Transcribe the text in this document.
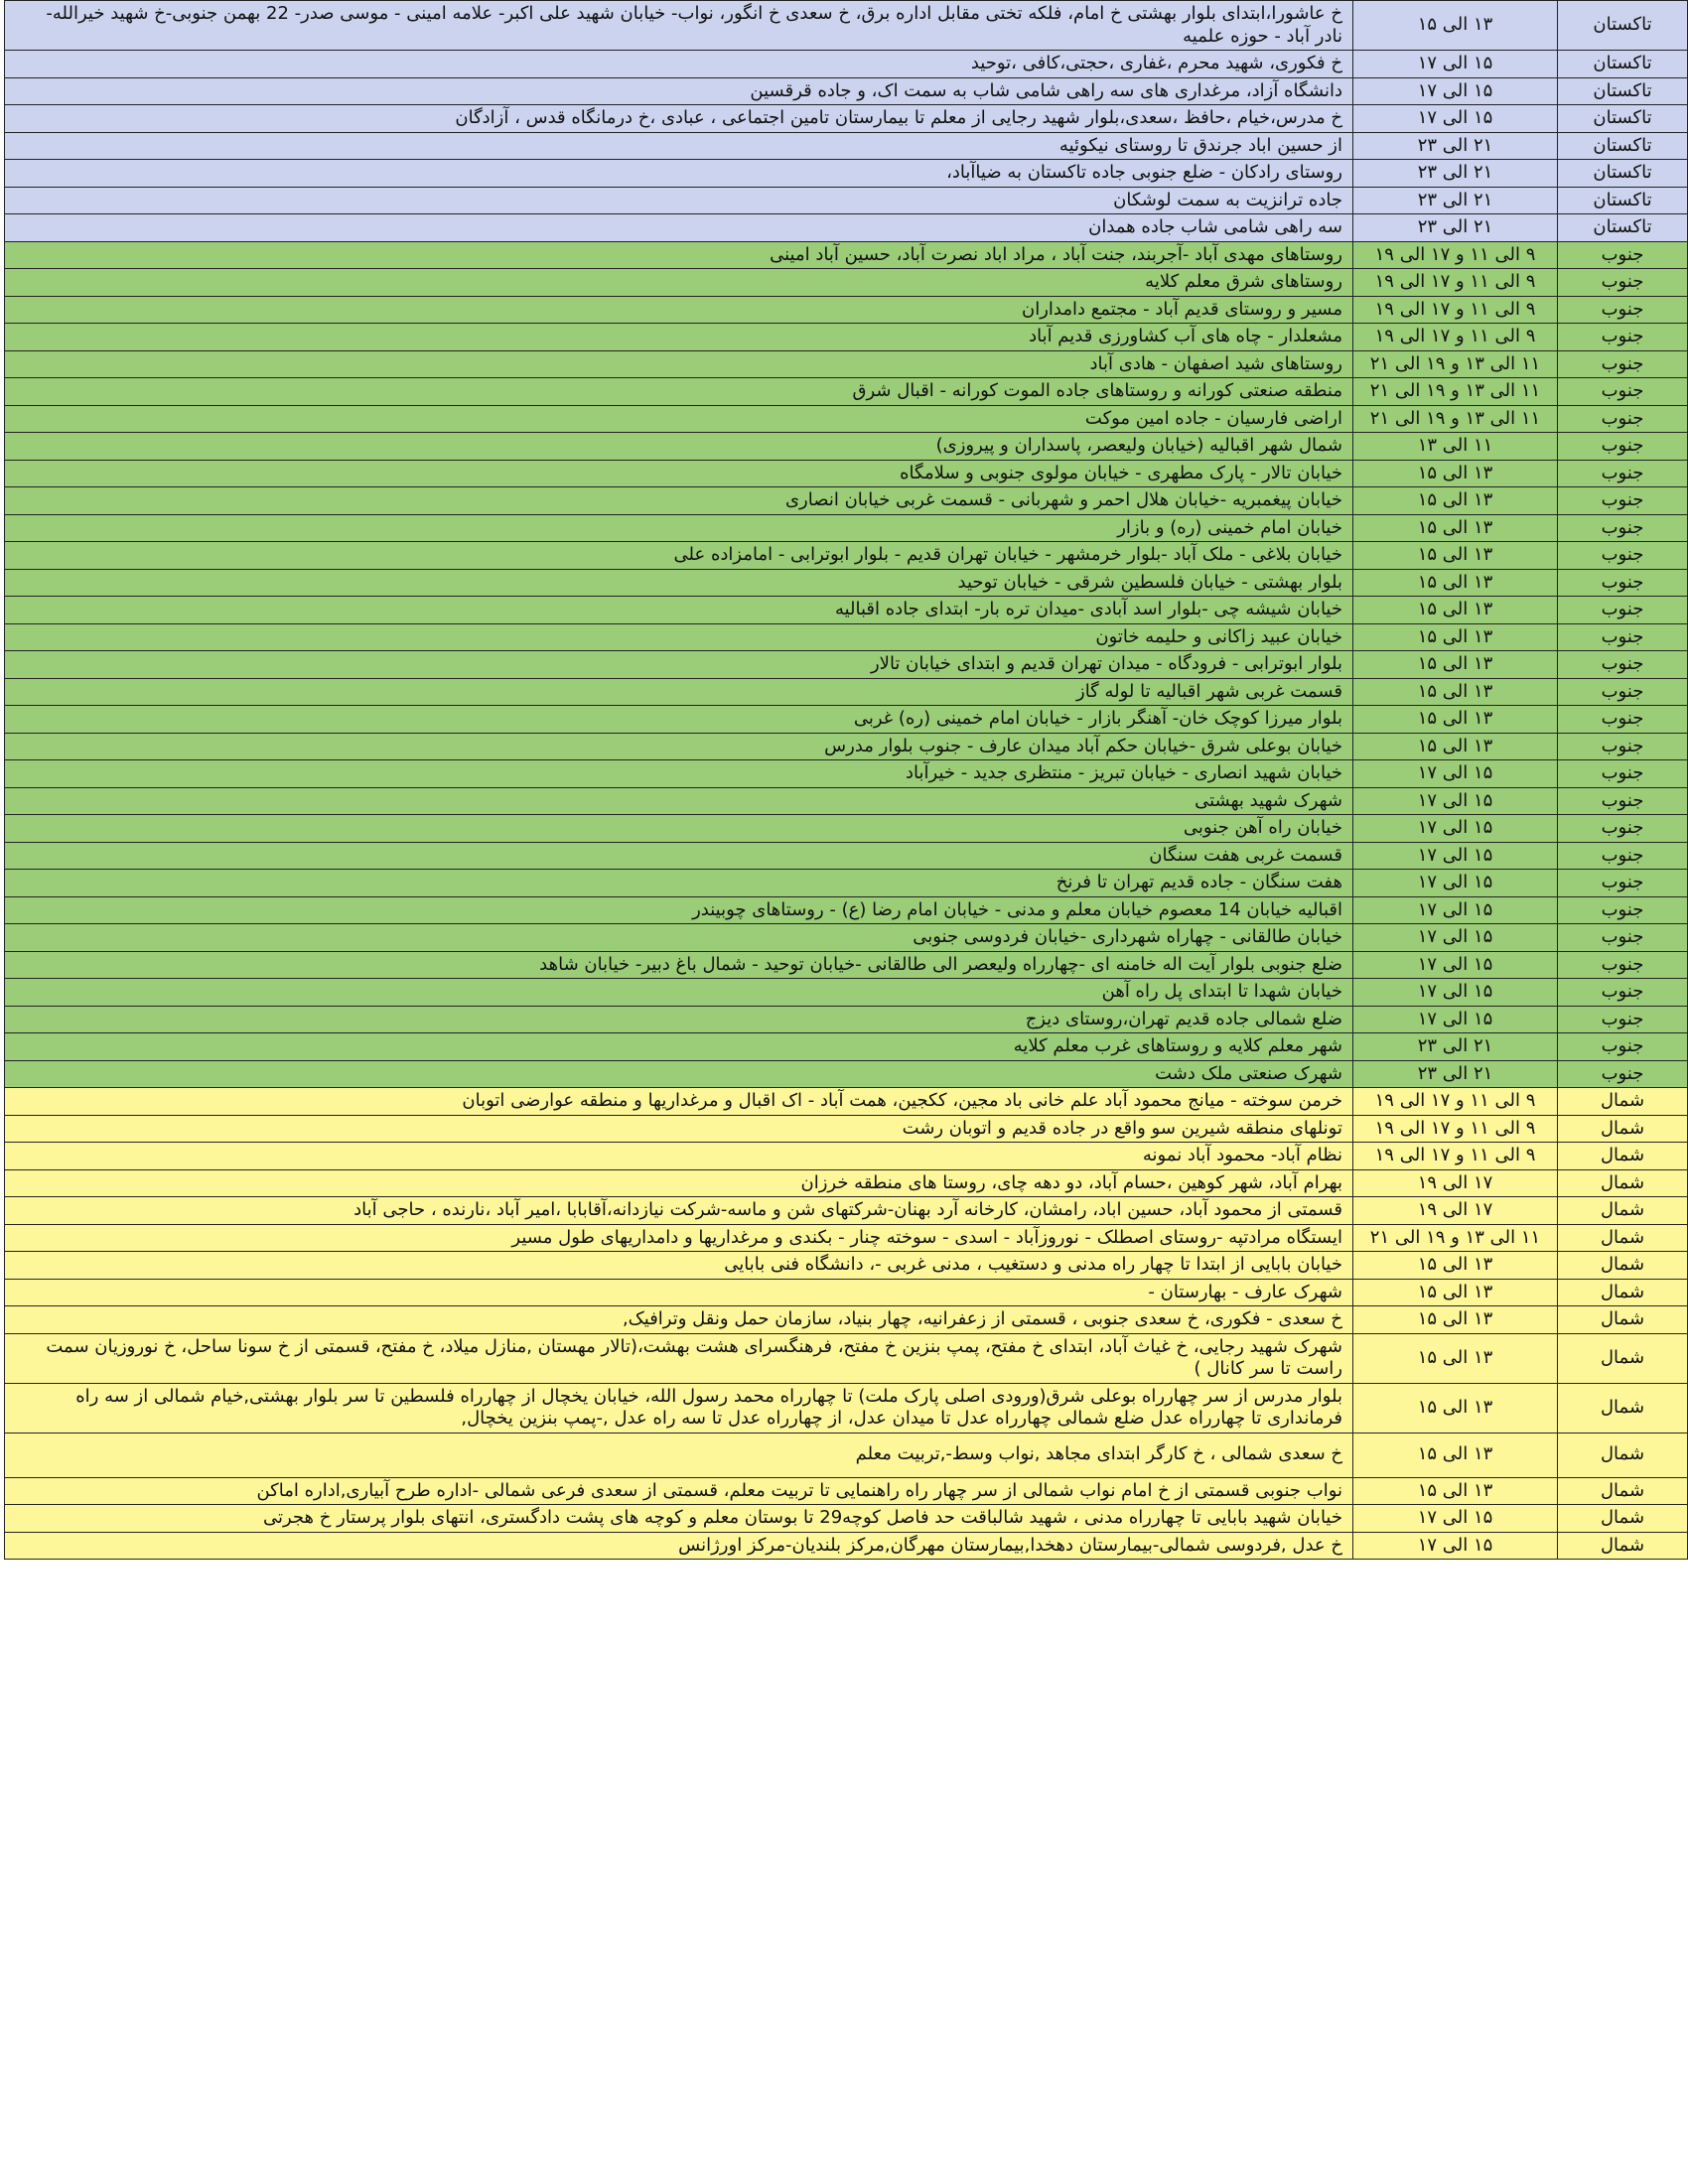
تاکستان	۱۳ الی ۱۵	خ عاشورا،ابتدای بلوار بهشتی خ امام، فلکه تختی مقابل اداره برق، خ سعدی خ انگور، نواب- خیابان شهید علی اکبر- علامه امینی - موسی صدر- 22 بهمن جنوبی-خ شهید خیرالله- نادر آباد - حوزه علمیه
تاکستان	۱۵ الی ۱۷	خ فکوری، شهید محرم ،غفاری ،حجتی،کافی ،توحید
تاکستان	۱۵ الی ۱۷	دانشگاه آزاد، مرغداری های سه راهی شامی شاب به سمت اک، و جاده قرقسین
تاکستان	۱۵ الی ۱۷	خ مدرس،خیام ،حافظ ،سعدی،بلوار شهید رجایی از معلم تا بیمارستان تامین اجتماعی ، عبادی ،خ درمانگاه قدس ، آزادگان
تاکستان	۲۱ الی ۲۳	از حسین اباد جرندق تا روستای نیکوئیه
تاکستان	۲۱ الی ۲۳	روستای رادکان - ضلع جنوبی جاده تاکستان به ضیاآباد،
تاکستان	۲۱ الی ۲۳	جاده ترانزیت به سمت لوشکان
تاکستان	۲۱ الی ۲۳	سه راهی شامی شاب جاده همدان
جنوب	۹ الی ۱۱ و ۱۷ الی ۱۹	روستاهای مهدی آباد -آجربند، جنت آباد ، مراد اباد نصرت آباد، حسین آباد امینی
جنوب	۹ الی ۱۱ و ۱۷ الی ۱۹	روستاهای شرق معلم کلایه
جنوب	۹ الی ۱۱ و ۱۷ الی ۱۹	مسیر و روستای قدیم آباد - مجتمع دامداران
جنوب	۹ الی ۱۱ و ۱۷ الی ۱۹	مشعلدار - چاه های آب کشاورزی قدیم آباد
جنوب	۱۱ الی ۱۳ و ۱۹ الی ۲۱	روستاهای شید اصفهان - هادی آباد
جنوب	۱۱ الی ۱۳ و ۱۹ الی ۲۱	منطقه صنعتی کورانه و روستاهای جاده الموت کورانه - اقبال شرق
جنوب	۱۱ الی ۱۳ و ۱۹ الی ۲۱	اراضی فارسیان - جاده امین موکت
جنوب	۱۱ الی ۱۳	شمال شهر اقبالیه (خیابان ولیعصر، پاسداران و پیروزی)
جنوب	۱۳ الی ۱۵	خیابان تالار - پارک مطهری - خیابان مولوی جنوبی و سلامگاه
جنوب	۱۳ الی ۱۵	خیابان پیغمبریه -خیابان هلال احمر و شهربانی - قسمت غربی خیابان انصاری
جنوب	۱۳ الی ۱۵	خیابان امام خمینی (ره) و بازار
جنوب	۱۳ الی ۱۵	خیابان بلاغی - ملک آباد -بلوار خرمشهر - خیابان تهران قدیم - بلوار ابوترابی - امامزاده علی
جنوب	۱۳ الی ۱۵	بلوار بهشتی - خیابان فلسطین شرقی - خیابان توحید
جنوب	۱۳ الی ۱۵	خیابان شیشه چی -بلوار اسد آبادی -میدان تره بار- ابتدای جاده اقبالیه
جنوب	۱۳ الی ۱۵	خیابان عبید زاکانی و حلیمه خاتون
جنوب	۱۳ الی ۱۵	بلوار ابوترابی - فرودگاه - میدان تهران قدیم و ابتدای خیابان تالار
جنوب	۱۳ الی ۱۵	قسمت غربی شهر اقبالیه تا لوله گاز
جنوب	۱۳ الی ۱۵	بلوار میرزا کوچک خان- آهنگر بازار - خیابان امام خمینی (ره) غربی
جنوب	۱۳ الی ۱۵	خیابان بوعلی شرق -خیابان حکم آباد میدان عارف - جنوب بلوار مدرس
جنوب	۱۵ الی ۱۷	خیابان شهید انصاری - خیابان تبریز - منتظری جدید - خیرآباد
جنوب	۱۵ الی ۱۷	شهرک شهید بهشتی
جنوب	۱۵ الی ۱۷	خیابان راه آهن جنوبی
جنوب	۱۵ الی ۱۷	قسمت غربی هفت سنگان
جنوب	۱۵ الی ۱۷	هفت سنگان - جاده قدیم تهران تا فرنخ
جنوب	۱۵ الی ۱۷	اقبالیه خیابان 14 معصوم خیابان معلم و مدنی - خیابان امام رضا (ع) - روستاهای چوبیندر
جنوب	۱۵ الی ۱۷	خیابان طالقانی - چهاراه شهرداری -خیابان فردوسی جنوبی
جنوب	۱۵ الی ۱۷	ضلع جنوبی بلوار آیت اله خامنه ای -چهارراه ولیعصر الی طالقانی -خیابان توحید - شمال باغ دبیر- خیابان شاهد
جنوب	۱۵ الی ۱۷	خیابان شهدا تا ابتدای پل راه آهن
جنوب	۱۵ الی ۱۷	ضلع شمالی جاده قدیم تهران،روستای دیزج
جنوب	۲۱ الی ۲۳	شهر معلم کلایه و روستاهای غرب معلم کلایه
جنوب	۲۱ الی ۲۳	شهرک صنعتی ملک دشت
شمال	۹ الی ۱۱ و ۱۷ الی ۱۹	خرمن سوخته - میانج محمود آباد علم خانی باد مجین، ککجین، همت آباد - اک اقبال و مرغداریها و منطقه عوارضی اتوبان
شمال	۹ الی ۱۱ و ۱۷ الی ۱۹	تونلهای منطقه شیرین سو واقع در جاده قدیم و اتوبان رشت
شمال	۹ الی ۱۱ و ۱۷ الی ۱۹	نظام آباد- محمود آباد نمونه
شمال	۱۷ الی ۱۹	بهرام آباد، شهر کوهین ،حسام آباد، دو دهه چای، روستا های منطقه خرزان
شمال	۱۷ الی ۱۹	قسمتی از محمود آباد، حسین اباد، رامشان، کارخانه آرد بهنان-شرکتهای شن و ماسه-شرکت نیازدانه،آقابابا ،امیر آباد ،نارنده ، حاجی آباد
شمال	۱۱ الی ۱۳ و ۱۹ الی ۲۱	ایستگاه مرادتپه -روستای اصطلک - نوروزآباد - اسدی - سوخته چنار - بکندی و مرغداریها و دامداریهای طول مسیر
شمال	۱۳ الی ۱۵	خیابان بابایی از ابتدا تا چهار راه مدنی و دستغیب ، مدنی غربی -، دانشگاه فنی بابایی
شمال	۱۳ الی ۱۵	شهرک عارف - بهارستان -
شمال	۱۳ الی ۱۵	خ سعدی - فکوری، خ سعدی جنوبی ، قسمتی از زعفرانیه، چهار بنیاد، سازمان حمل ونقل وترافیک,
شمال	۱۳ الی ۱۵	شهرک شهید رجایی، خ غیاث آباد، ابتدای خ مفتح، پمپ بنزین خ مفتح، فرهنگسرای هشت بهشت،(تالار مهستان ,منازل میلاد، خ مفتح، قسمتی از خ سونا ساحل، خ نوروزیان سمت راست تا سر کانال )
شمال	۱۳ الی ۱۵	بلوار مدرس از سر چهارراه بوعلی شرق(ورودی اصلی پارک ملت) تا چهارراه محمد رسول الله، خیابان یخچال از چهارراه فلسطین تا سر بلوار بهشتی,خیام شمالی از سه راه فرمانداری تا چهارراه عدل ضلع شمالی چهارراه عدل تا میدان عدل، از چهارراه عدل تا سه راه عدل ,-پمپ بنزین یخچال,
شمال	۱۳ الی ۱۵	خ سعدی شمالی ، خ کارگر ابتدای مجاهد ,نواب وسط-,تربیت معلم
شمال	۱۳ الی ۱۵	نواب جنوبی قسمتی از خ امام نواب شمالی از سر چهار راه راهنمایی تا تربیت معلم، قسمتی از سعدی فرعی شمالی -اداره طرح آبیاری,اداره اماکن
شمال	۱۵ الی ۱۷	خیابان شهید بابایی تا چهارراه مدنی ، شهید شالباقت حد فاصل کوچه29 تا بوستان معلم و کوچه های پشت دادگستری، انتهای بلوار پرستار خ هجرتی
شمال	۱۵ الی ۱۷	خ عدل ,فردوسی شمالی-بیمارستان دهخدا,بیمارستان مهرگان,مرکز بلندیان-مرکز اورژانس
